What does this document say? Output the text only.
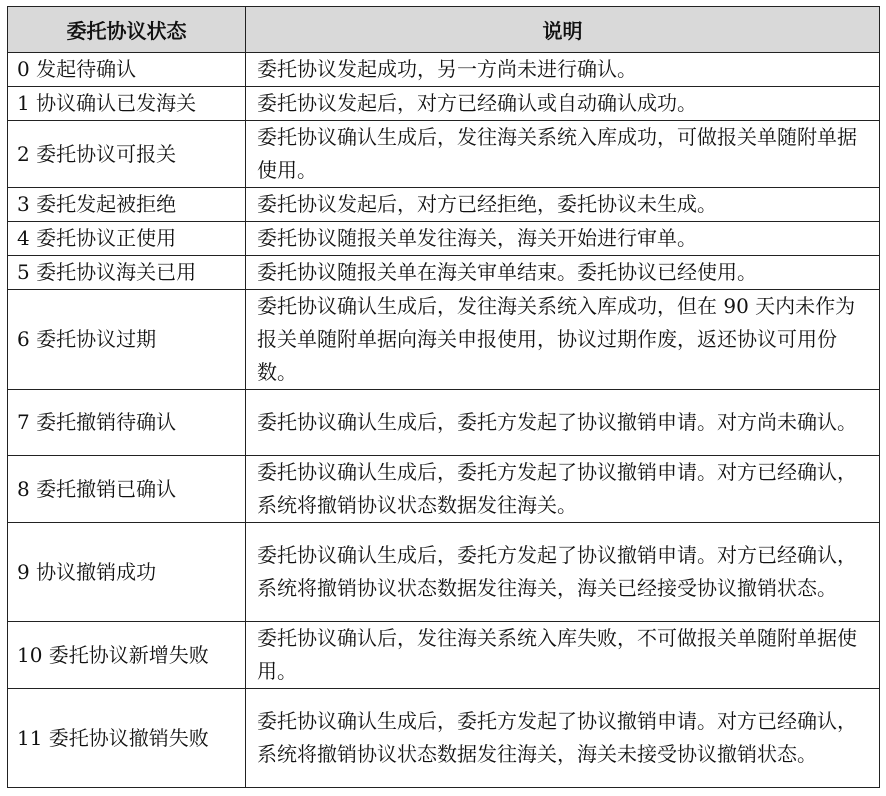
委托协议状态	说明
0 发起待确认	委托协议发起成功，另一方尚未进行确认。
1 协议确认已发海关	委托协议发起后，对方已经确认或自动确认成功。
2 委托协议可报关	委托协议确认生成后，发往海关系统入库成功，可做报关单随附单据使用。
3 委托发起被拒绝	委托协议发起后，对方已经拒绝，委托协议未生成。
4 委托协议正使用	委托协议随报关单发往海关，海关开始进行审单。
5 委托协议海关已用	委托协议随报关单在海关审单结束。委托协议已经使用。
6 委托协议过期	委托协议确认生成后，发往海关系统入库成功，但在 90 天内未作为报关单随附单据向海关申报使用，协议过期作废，返还协议可用份数。
7 委托撤销待确认	委托协议确认生成后，委托方发起了协议撤销申请。对方尚未确认。
8 委托撤销已确认	委托协议确认生成后，委托方发起了协议撤销申请。对方已经确认，系统将撤销协议状态数据发往海关。
9 协议撤销成功	委托协议确认生成后，委托方发起了协议撤销申请。对方已经确认，系统将撤销协议状态数据发往海关，海关已经接受协议撤销状态。
10 委托协议新增失败	委托协议确认后，发往海关系统入库失败，不可做报关单随附单据使用。
11 委托协议撤销失败	委托协议确认生成后，委托方发起了协议撤销申请。对方已经确认，系统将撤销协议状态数据发往海关，海关未接受协议撤销状态。
